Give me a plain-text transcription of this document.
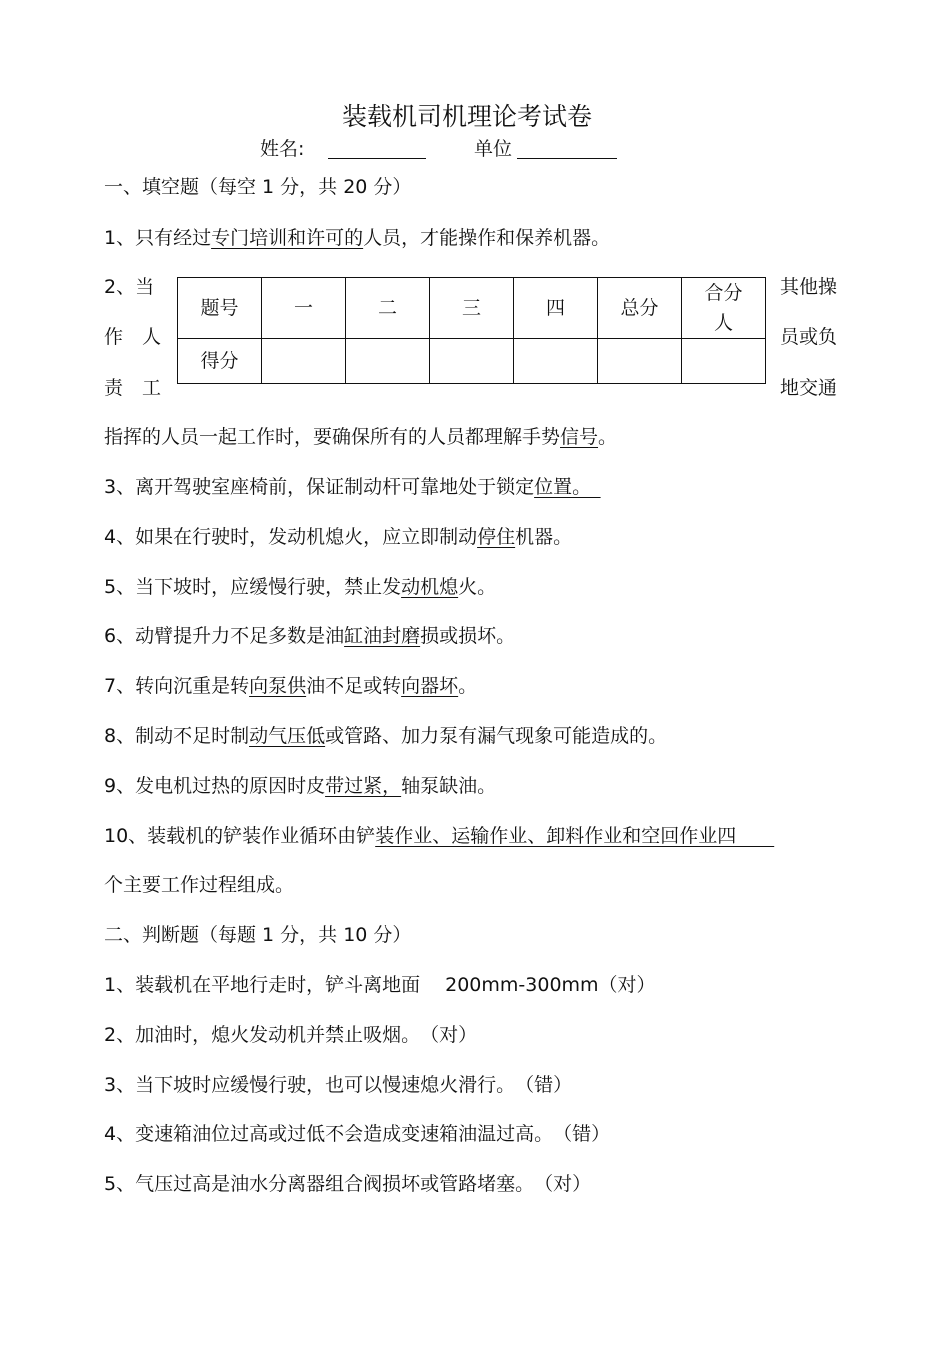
装载机司机理论考试卷
姓名:	单位
一、填空题（每空 1 分，共 20 分）
1、只有经过专门培训和许可的人员，才能操作和保养机器。
2、当
作　人
责　工
其他操
员或负
地交通
题号	一	二	三	四	总分	合分人

得分						
指挥的人员一起工作时，要确保所有的人员都理解手势信号。
3、离开驾驶室座椅前，保证制动杆可靠地处于锁定位置。　
4、如果在行驶时，发动机熄火，应立即制动停住机器。
5、当下坡时，应缓慢行驶，禁止发动机熄火。
6、动臂提升力不足多数是油缸油封磨损或损坏。
7、转向沉重是转向泵供油不足或转向器坏。
8、制动不足时制动气压低或管路、加力泵有漏气现象可能造成的。
9、发电机过热的原因时皮带过紧，轴泵缺油。
10、装载机的铲装作业循环由铲装作业、运输作业、卸料作业和空回作业四　　
个主要工作过程组成。
二、判断题（每题 1 分，共 10 分）
1、装载机在平地行走时，铲斗离地面　 200mm-300mm（对）
2、加油时，熄火发动机并禁止吸烟。　（对）
3、当下坡时应缓慢行驶，也可以慢速熄火滑行。　（错）
4、变速箱油位过高或过低不会造成变速箱油温过高。　（错）
5、气压过高是油水分离器组合阀损坏或管路堵塞。　（对）
